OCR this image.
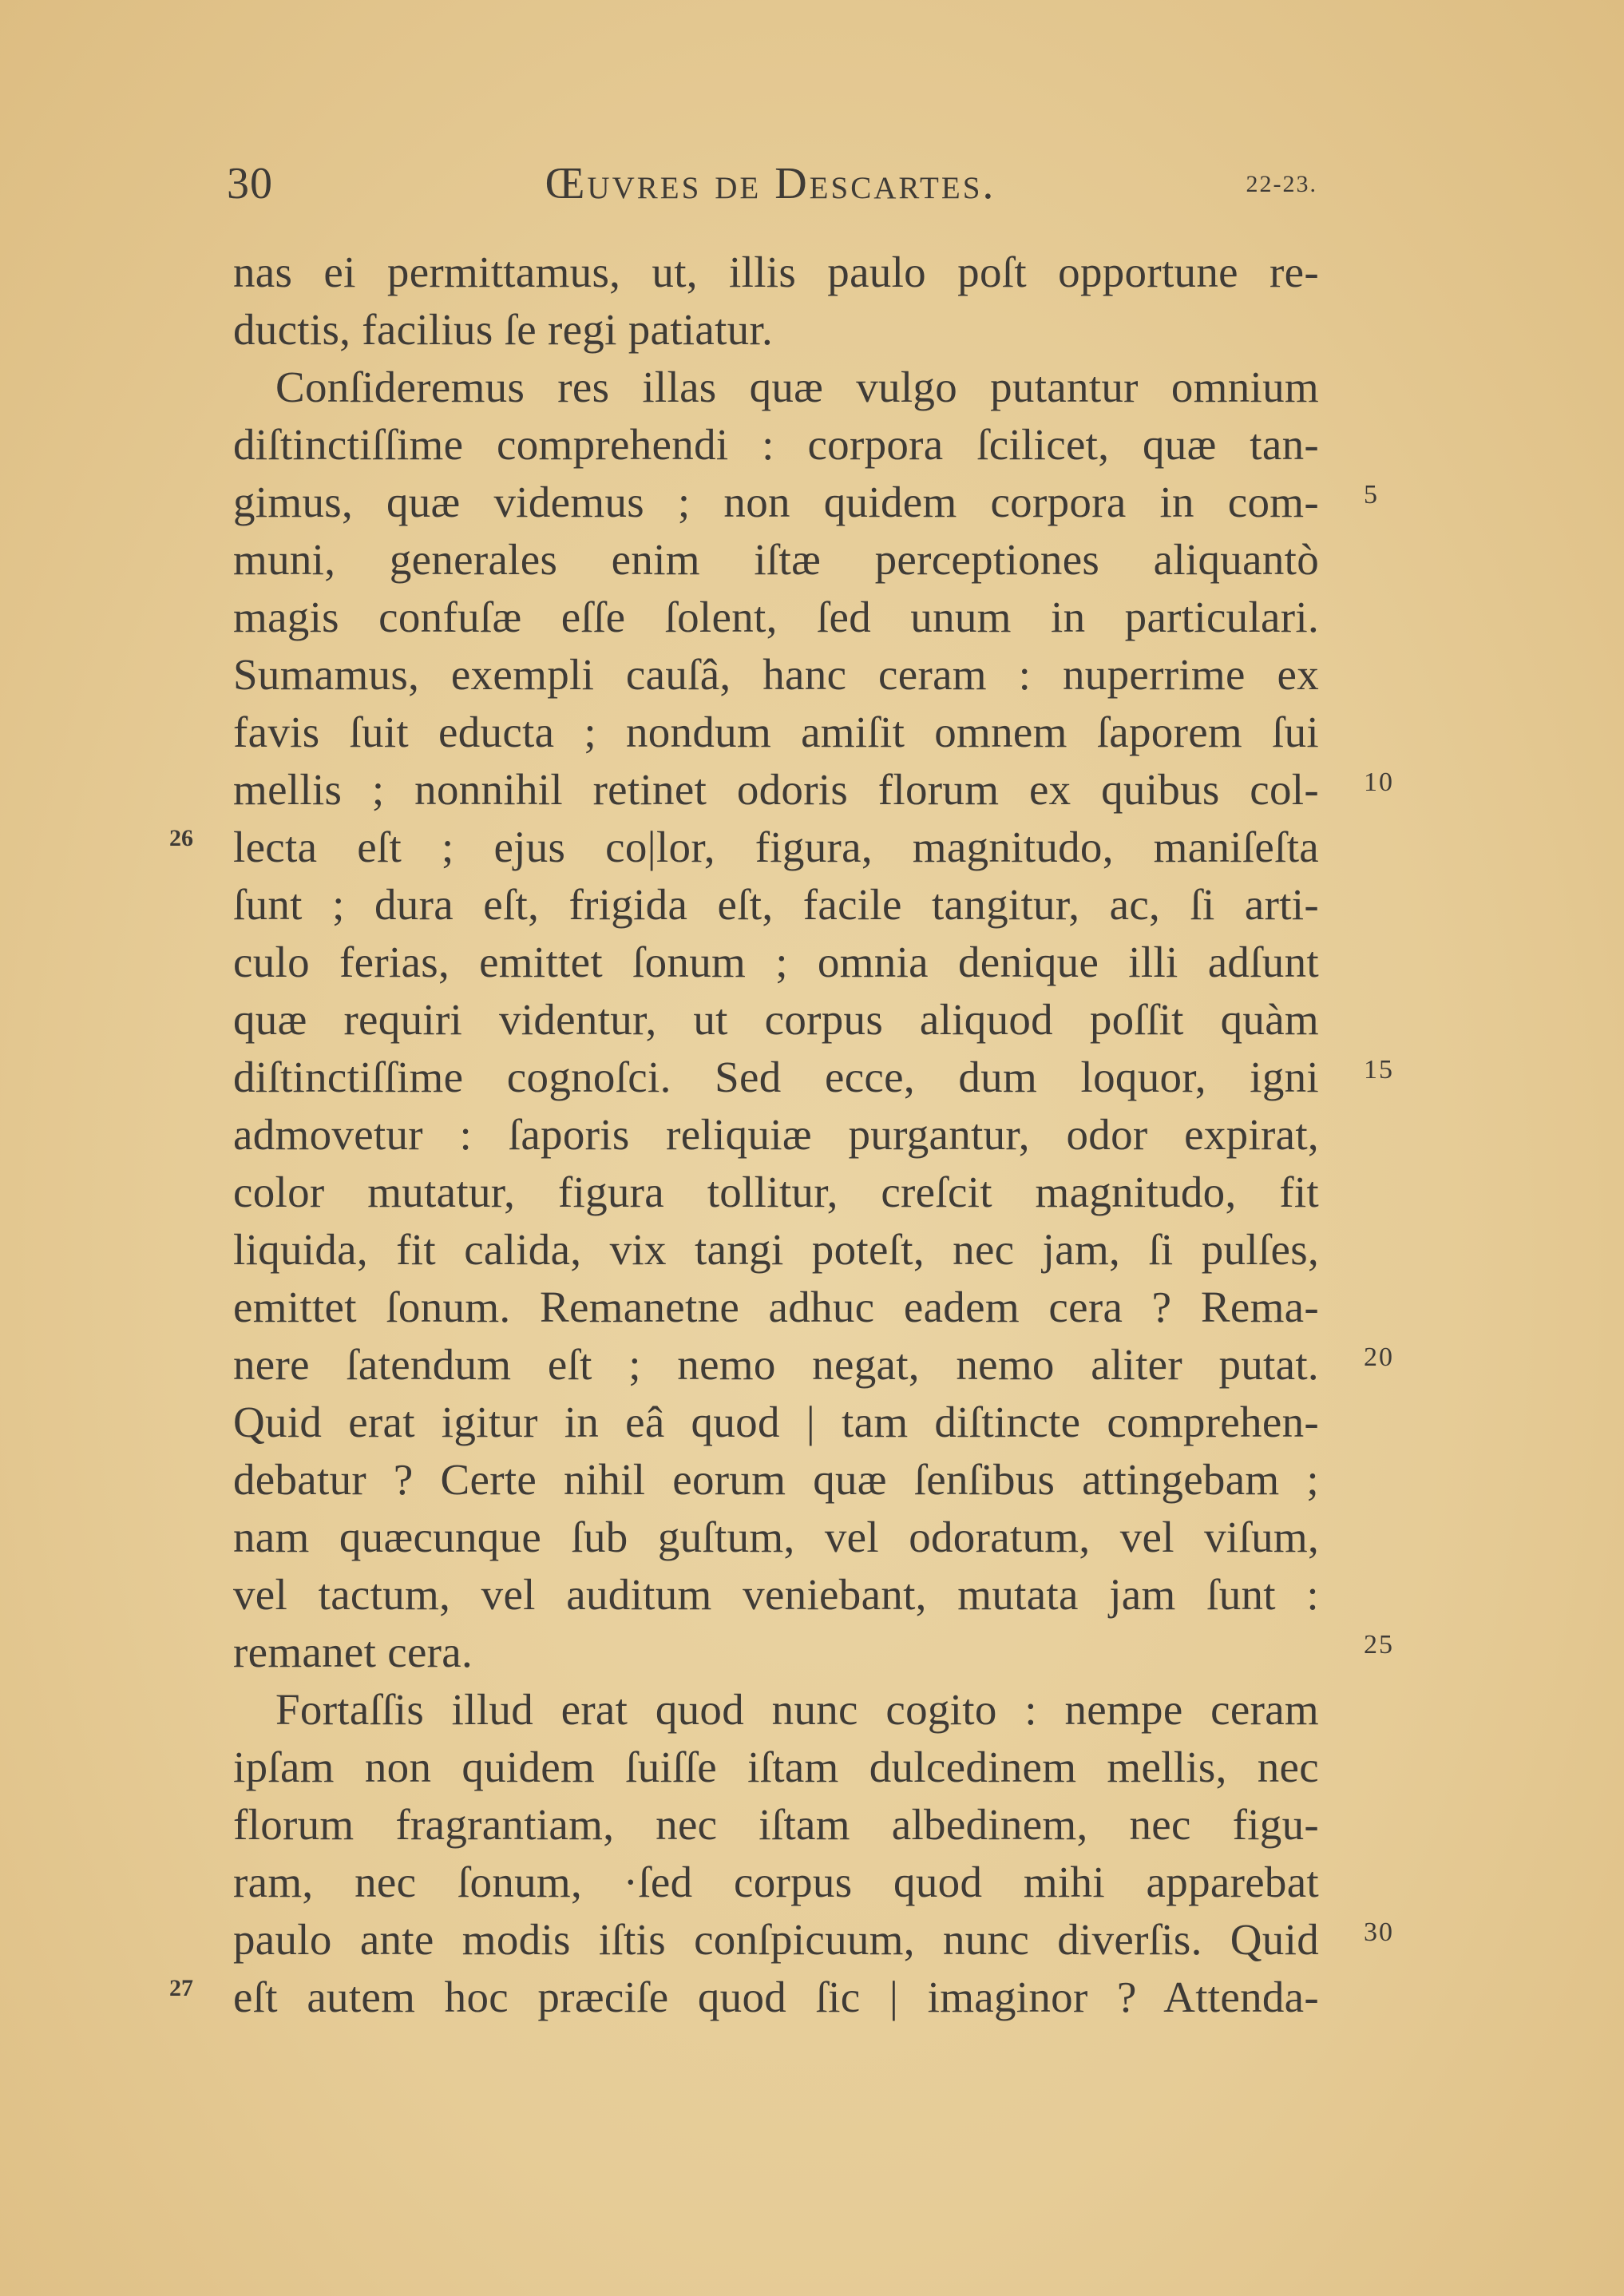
30	Œuvres de Descartes.	22-23.
nas ei permittamus, ut, illis paulo poſt opportune re-
ductis, facilius ſe regi patiatur.
Conſideremus res illas quæ vulgo putantur omnium
diſtinctiſſime comprehendi : corpora ſcilicet, quæ tan-
gimus, quæ videmus ; non quidem corpora in com-
muni, generales enim iſtæ perceptiones aliquantò
magis confuſæ eſſe ſolent, ſed unum in particulari.
Sumamus, exempli cauſâ, hanc ceram : nuperrime ex
favis ſuit educta ; nondum amiſit omnem ſaporem ſui
mellis ; nonnihil retinet odoris florum ex quibus col-
lecta eſt ; ejus co|lor, figura, magnitudo, maniſeſta
ſunt ; dura eſt, frigida eſt, facile tangitur, ac, ſi arti-
culo ferias, emittet ſonum ; omnia denique illi adſunt
quæ requiri videntur, ut corpus aliquod poſſit quàm
diſtinctiſſime cognoſci. Sed ecce, dum loquor, igni
admovetur : ſaporis reliquiæ purgantur, odor expirat,
color mutatur, figura tollitur, creſcit magnitudo, fit
liquida, fit calida, vix tangi poteſt, nec jam, ſi pulſes,
emittet ſonum. Remanetne adhuc eadem cera ? Rema-
nere ſatendum eſt ; nemo negat, nemo aliter putat.
Quid erat igitur in eâ quod | tam diſtincte comprehen-
debatur ? Certe nihil eorum quæ ſenſibus attingebam ;
nam quæcunque ſub guſtum, vel odoratum, vel viſum,
vel tactum, vel auditum veniebant, mutata jam ſunt :
remanet cera.
Fortaſſis illud erat quod nunc cogito : nempe ceram
ipſam non quidem ſuiſſe iſtam dulcedinem mellis, nec
florum fragrantiam, nec iſtam albedinem, nec figu-
ram, nec ſonum, ·ſed corpus quod mihi apparebat
paulo ante modis iſtis conſpicuum, nunc diverſis. Quid
eſt autem hoc præciſe quod ſic | imaginor ? Attenda-
5
10
15
20
25
30
26
27
